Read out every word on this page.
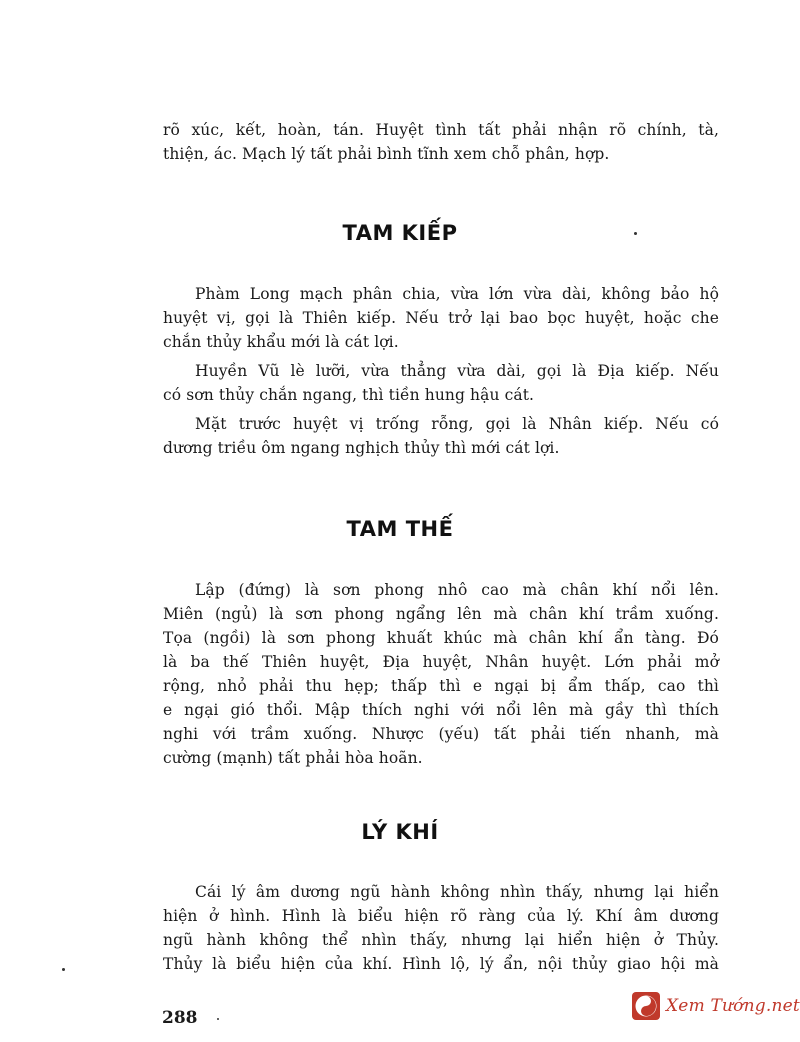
rõ xúc, kết, hoàn, tán. Huyệt tình tất phải nhận rõ chính, tà,
thiện, ác. Mạch lý tất phải bình tĩnh xem chỗ phân, hợp.
TAM KIẾP
Phàm Long mạch phân chia, vừa lớn vừa dài, không bảo hộ
huyệt vị, gọi là Thiên kiếp. Nếu trở lại bao bọc huyệt, hoặc che
chắn thủy khẩu mới là cát lợi.
Huyền Vũ lè lưỡi, vừa thẳng vừa dài, gọi là Địa kiếp. Nếu
có sơn thủy chắn ngang, thì tiền hung hậu cát.
Mặt trước huyệt vị trống rỗng, gọi là Nhân kiếp. Nếu có
dương triều ôm ngang nghịch thủy thì mới cát lợi.
TAM THẾ
Lập (đứng) là sơn phong nhô cao mà chân khí nổi lên.
Miên (ngủ) là sơn phong ngẩng lên mà chân khí trầm xuống.
Tọa (ngồi) là sơn phong khuất khúc mà chân khí ẩn tàng. Đó
là ba thế Thiên huyệt, Địa huyệt, Nhân huyệt. Lớn phải mở
rộng, nhỏ phải thu hẹp; thấp thì e ngại bị ẩm thấp, cao thì
e ngại gió thổi. Mập thích nghi với nổi lên mà gầy thì thích
nghi với trầm xuống. Nhược (yếu) tất phải tiến nhanh, mà
cường (mạnh) tất phải hòa hoãn.
LÝ KHÍ
Cái lý âm dương ngũ hành không nhìn thấy, nhưng lại hiển
hiện ở hình. Hình là biểu hiện rõ ràng của lý. Khí âm dương
ngũ hành không thể nhìn thấy, nhưng lại hiển hiện ở Thủy.
Thủy là biểu hiện của khí. Hình lộ, lý ẩn, nội thủy giao hội mà
288
Xem Tướng.net
